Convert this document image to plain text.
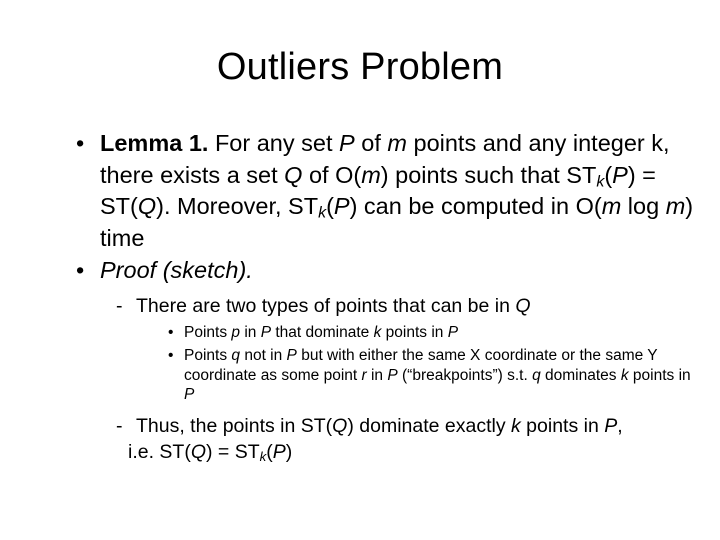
Outliers Problem
• Lemma 1. For any set P of m points and any integer k, there exists a set Q of O(m) points such that $ST_k(P) = ST(Q)$. Moreover, $ST_k(P)$ can be computed in O(m log m) time
• Proof (sketch).
- There are two types of points that can be in Q
• Points p in P that dominate k points in P
• Points q not in P but with either the same X coordinate or the same Y coordinate as some point r in P (“breakpoints”) s.t. q dominates k points in P
- Thus, the points in ST(Q) dominate exactly k points in P,
i.e. $ST(Q) = ST_k(P)$
